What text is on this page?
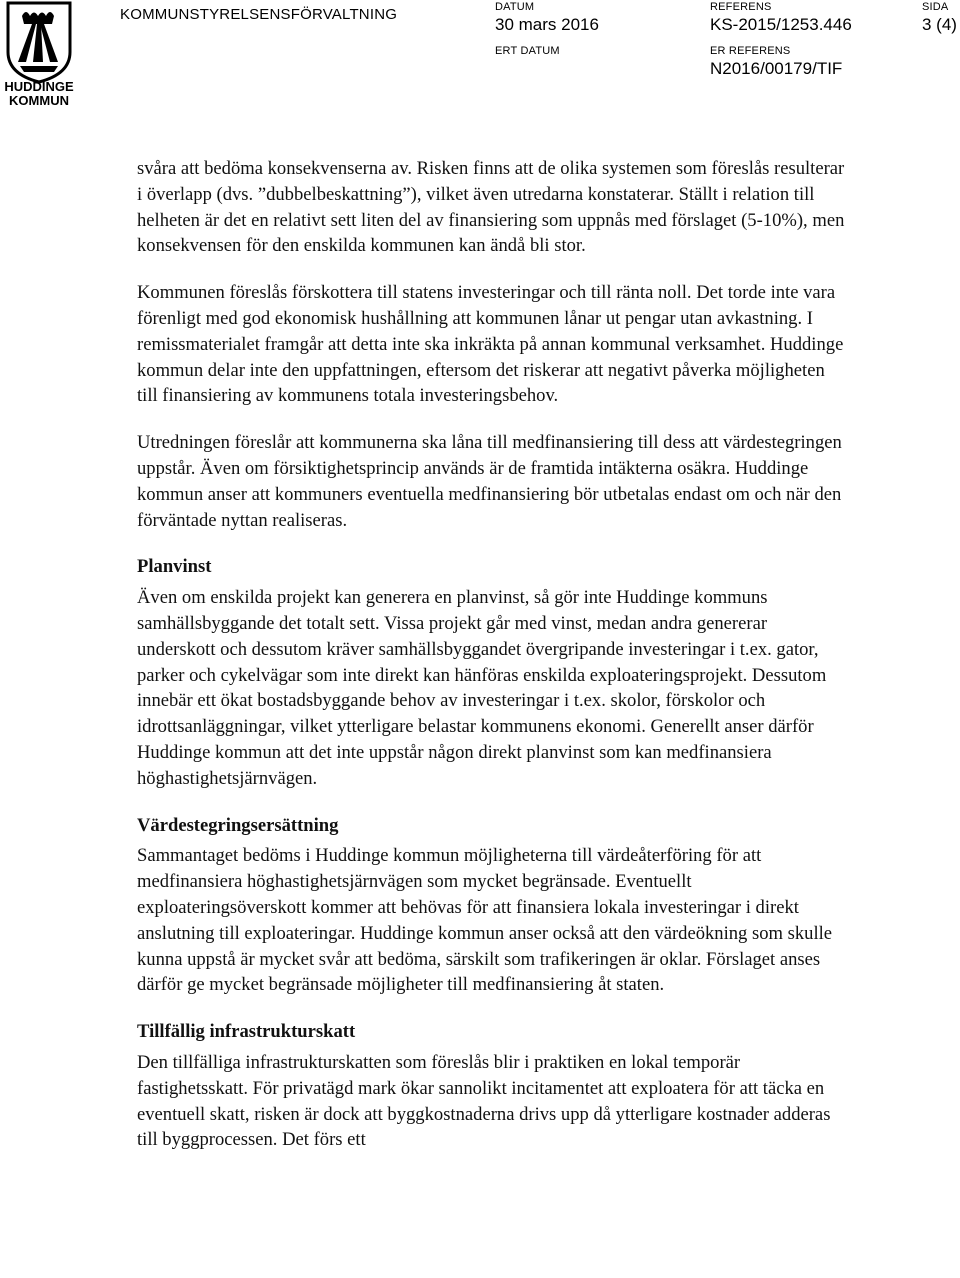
HUDDINGE
KOMMUN
KOMMUNSTYRELSENSFÖRVALTNING	DATUM
30 mars 2016
REFERENS
KS-2015/1253.446
SIDA
3 (4)
ERT DATUM	ER REFERENS
N2016/00179/TIF

svåra att bedöma konsekvenserna av. Risken finns att de olika systemen som föreslås resulterar i överlapp (dvs. ”dubbelbeskattning”), vilket även utredarna konstaterar. Ställt i relation till helheten är det en relativt sett liten del av finansiering som uppnås med förslaget (5-10%), men konsekvensen för den enskilda kommunen kan ändå bli stor.

Kommunen föreslås förskottera till statens investeringar och till ränta noll. Det torde inte vara förenligt med god ekonomisk hushållning att kommunen lånar ut pengar utan avkastning. I remissmaterialet framgår att detta inte ska inkräkta på annan kommunal verksamhet. Huddinge kommun delar inte den uppfattningen, eftersom det riskerar att negativt påverka möjligheten till finansiering av kommunens totala investeringsbehov.

Utredningen föreslår att kommunerna ska låna till medfinansiering till dess att värdestegringen uppstår. Även om försiktighetsprincip används är de framtida intäkterna osäkra. Huddinge kommun anser att kommuners eventuella medfinansiering bör utbetalas endast om och när den förväntade nyttan realiseras.

Planvinst

Även om enskilda projekt kan generera en planvinst, så gör inte Huddinge kommuns samhällsbyggande det totalt sett. Vissa projekt går med vinst, medan andra genererar underskott och dessutom kräver samhällsbyggandet övergripande investeringar i t.ex. gator, parker och cykelvägar som inte direkt kan hänföras enskilda exploateringsprojekt. Dessutom innebär ett ökat bostadsbyggande behov av investeringar i t.ex. skolor, förskolor och idrottsanläggningar, vilket ytterligare belastar kommunens ekonomi. Generellt anser därför Huddinge kommun att det inte uppstår någon direkt planvinst som kan medfinansiera höghastighetsjärnvägen.

Värdestegringsersättning

Sammantaget bedöms i Huddinge kommun möjligheterna till värdeåterföring för att medfinansiera höghastighetsjärnvägen som mycket begränsade. Eventuellt exploateringsöverskott kommer att behövas för att finansiera lokala investeringar i direkt anslutning till exploateringar. Huddinge kommun anser också att den värdeökning som skulle kunna uppstå är mycket svår att bedöma, särskilt som trafikeringen är oklar. Förslaget anses därför ge mycket begränsade möjligheter till medfinansiering åt staten.

Tillfällig infrastrukturskatt

Den tillfälliga infrastrukturskatten som föreslås blir i praktiken en lokal temporär fastighetsskatt. För privatägd mark ökar sannolikt incitamentet att exploatera för att täcka en eventuell skatt, risken är dock att byggkostnaderna drivs upp då ytterligare kostnader adderas till byggprocessen. Det förs ett
